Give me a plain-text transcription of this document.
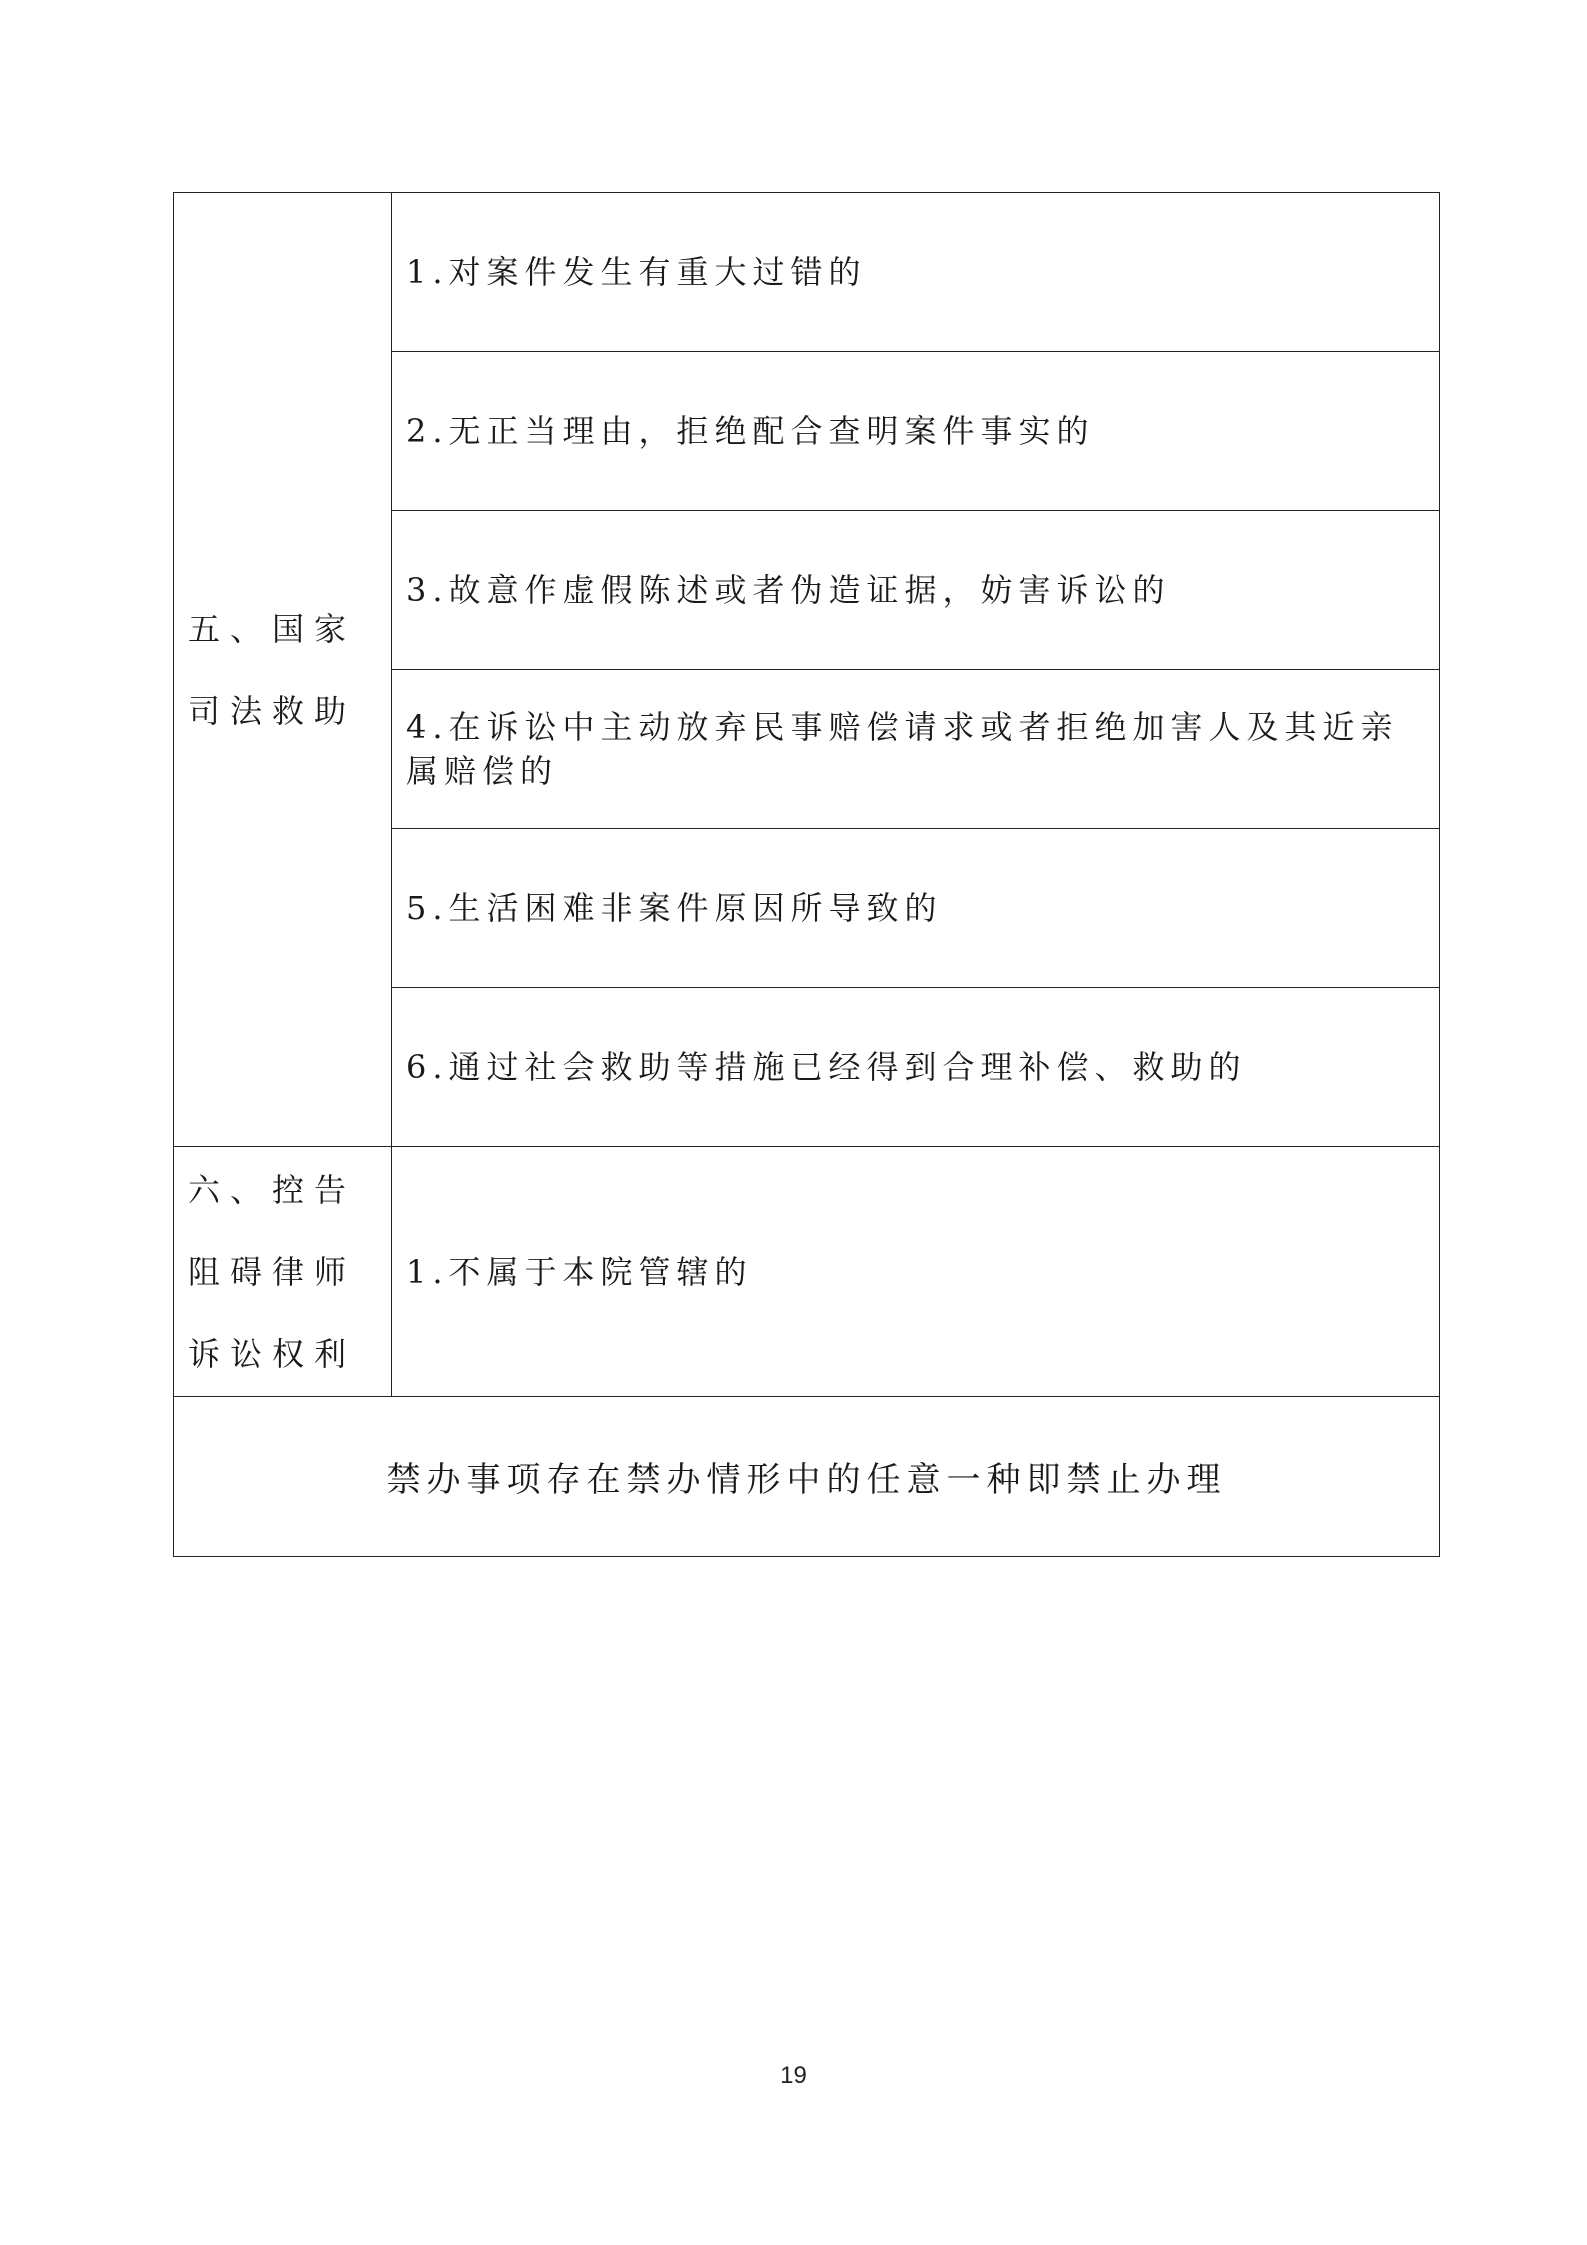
五、国家司法救助	1.对案件发生有重大过错的
	2.无正当理由，拒绝配合查明案件事实的
	3.故意作虚假陈述或者伪造证据，妨害诉讼的
	4.在诉讼中主动放弃民事赔偿请求或者拒绝加害人及其近亲属赔偿的
	5.生活困难非案件原因所导致的
	6.通过社会救助等措施已经得到合理补偿、救助的
六、控告阻碍律师诉讼权利	1.不属于本院管辖的
禁办事项存在禁办情形中的任意一种即禁止办理	
19
